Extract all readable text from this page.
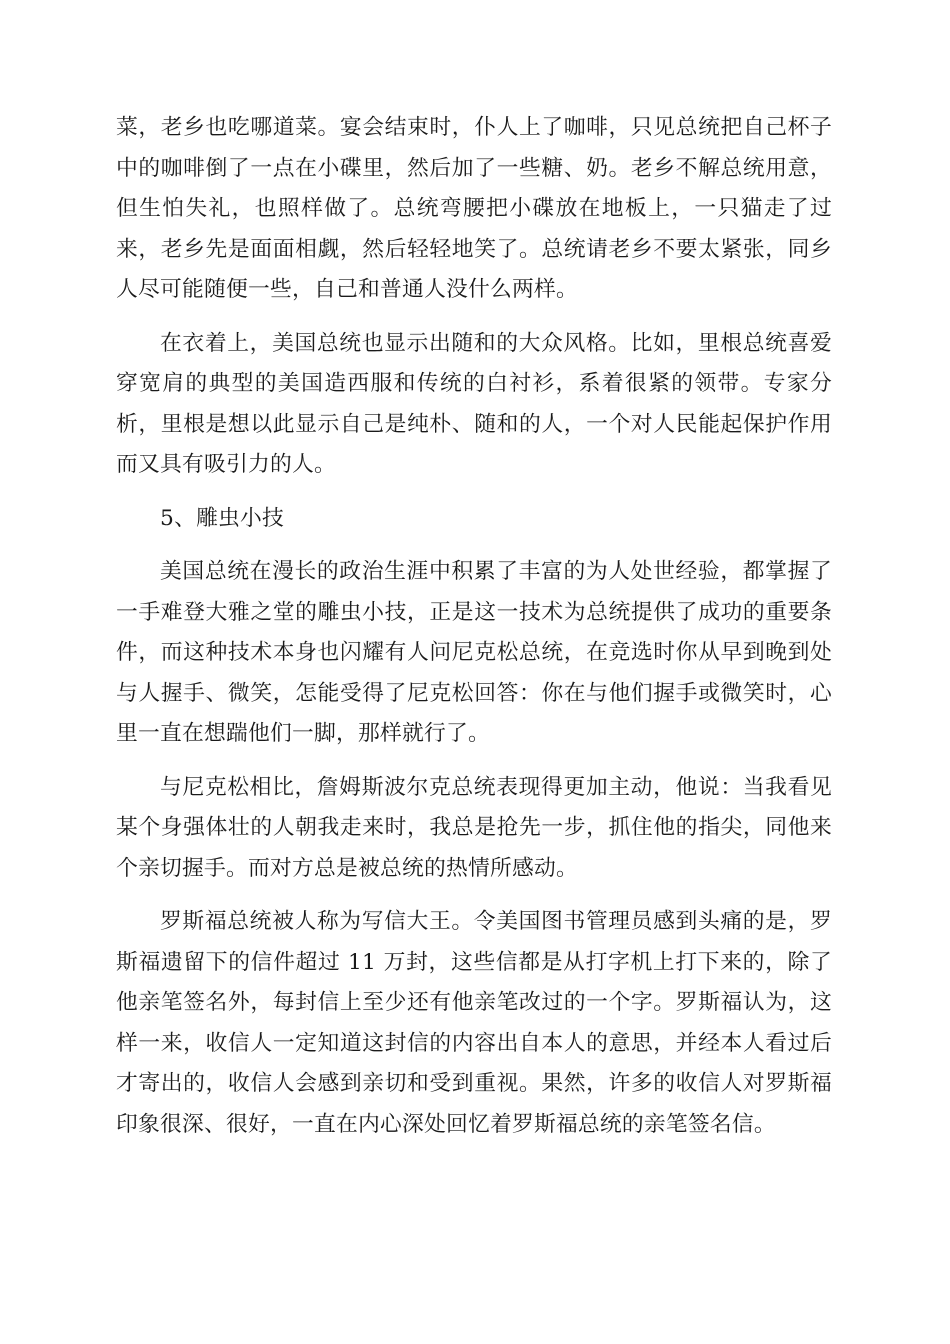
菜，老乡也吃哪道菜。宴会结束时，仆人上了咖啡，只见总统把自己杯子中的咖啡倒了一点在小碟里，然后加了一些糖、奶。老乡不解总统用意，但生怕失礼，也照样做了。总统弯腰把小碟放在地板上，一只猫走了过来，老乡先是面面相觑，然后轻轻地笑了。总统请老乡不要太紧张，同乡人尽可能随便一些，自己和普通人没什么两样。

在衣着上，美国总统也显示出随和的大众风格。比如，里根总统喜爱穿宽肩的典型的美国造西服和传统的白衬衫，系着很紧的领带。专家分析，里根是想以此显示自己是纯朴、随和的人，一个对人民能起保护作用而又具有吸引力的人。

5、雕虫小技

美国总统在漫长的政治生涯中积累了丰富的为人处世经验，都掌握了一手难登大雅之堂的雕虫小技，正是这一技术为总统提供了成功的重要条件，而这种技术本身也闪耀有人问尼克松总统，在竞选时你从早到晚到处与人握手、微笑，怎能受得了尼克松回答：你在与他们握手或微笑时，心里一直在想踹他们一脚，那样就行了。

与尼克松相比，詹姆斯波尔克总统表现得更加主动，他说：当我看见某个身强体壮的人朝我走来时，我总是抢先一步，抓住他的指尖，同他来个亲切握手。而对方总是被总统的热情所感动。

罗斯福总统被人称为写信大王。令美国图书管理员感到头痛的是，罗斯福遗留下的信件超过 11 万封，这些信都是从打字机上打下来的，除了他亲笔签名外，每封信上至少还有他亲笔改过的一个字。罗斯福认为，这样一来，收信人一定知道这封信的内容出自本人的意思，并经本人看过后才寄出的，收信人会感到亲切和受到重视。果然，许多的收信人对罗斯福印象很深、很好，一直在内心深处回忆着罗斯福总统的亲笔签名信。
